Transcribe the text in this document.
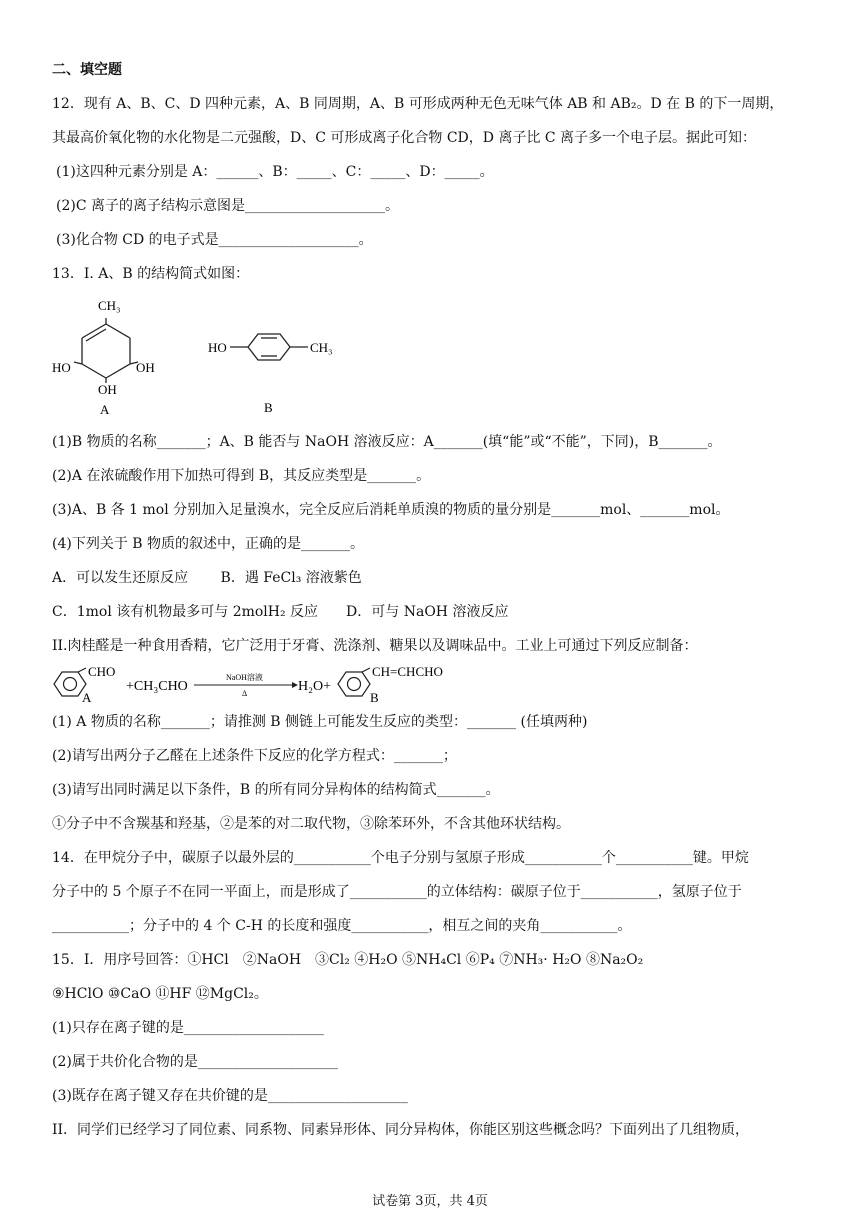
二、填空题
12．现有 A、B、C、D 四种元素，A、B 同周期，A、B 可形成两种无色无味气体 AB 和 AB₂。D 在 B 的下一周期，
其最高价氧化物的水化物是二元强酸，D、C 可形成离子化合物 CD，D 离子比 C 离子多一个电子层。据此可知：
(1)这四种元素分别是 A：______、B：_____、C：_____、D：_____。
(2)C 离子的离子结构示意图是____________________。
(3)化合物 CD 的电子式是____________________。
13．I. A、B 的结构简式如图：
CH₃
HO	OH
OH
A
HO	CH₃
B
(1)B 物质的名称_______；A、B 能否与 NaOH 溶液反应：A_______(填“能”或“不能”，下同)，B_______。
(2)A 在浓硫酸作用下加热可得到 B，其反应类型是_______。
(3)A、B 各 1 mol 分别加入足量溴水，完全反应后消耗单质溴的物质的量分别是_______mol、_______mol。
(4)下列关于 B 物质的叙述中，正确的是_______。
A．可以发生还原反应　　 B．遇 FeCl₃ 溶液紫色
C．1mol 该有机物最多可与 2molH₂ 反应　　D．可与 NaOH 溶液反应
II.肉桂醛是一种食用香精，它广泛用于牙膏、洗涤剂、糖果以及调味品中。工业上可通过下列反应制备：
CHO
A
+CH₃CHO
NaOH溶液
Δ	H₂O+
CH=CHCHO
B
(1) A 物质的名称_______；请推测 B 侧链上可能发生反应的类型：_______ (任填两种)
(2)请写出两分子乙醛在上述条件下反应的化学方程式：_______；
(3)请写出同时满足以下条件，B 的所有同分异构体的结构简式_______。
①分子中不含羰基和羟基，②是苯的对二取代物，③除苯环外，不含其他环状结构。
14．在甲烷分子中，碳原子以最外层的___________个电子分别与氢原子形成___________个___________键。甲烷
分子中的 5 个原子不在同一平面上，而是形成了___________的立体结构：碳原子位于___________，氢原子位于
___________；分子中的 4 个 C-H 的长度和强度___________，相互之间的夹角___________。
15．I．用序号回答：①HCl　②NaOH　③Cl₂ ④H₂O ⑤NH₄Cl ⑥P₄ ⑦NH₃· H₂O ⑧Na₂O₂
⑨HClO ⑩CaO ⑪HF ⑫MgCl₂。
(1)只存在离子键的是____________________
(2)属于共价化合物的是____________________
(3)既存在离子键又存在共价键的是____________________
II．同学们已经学习了同位素、同系物、同素异形体、同分异构体，你能区别这些概念吗？下面列出了几组物质，
试卷第 3页，共 4页
